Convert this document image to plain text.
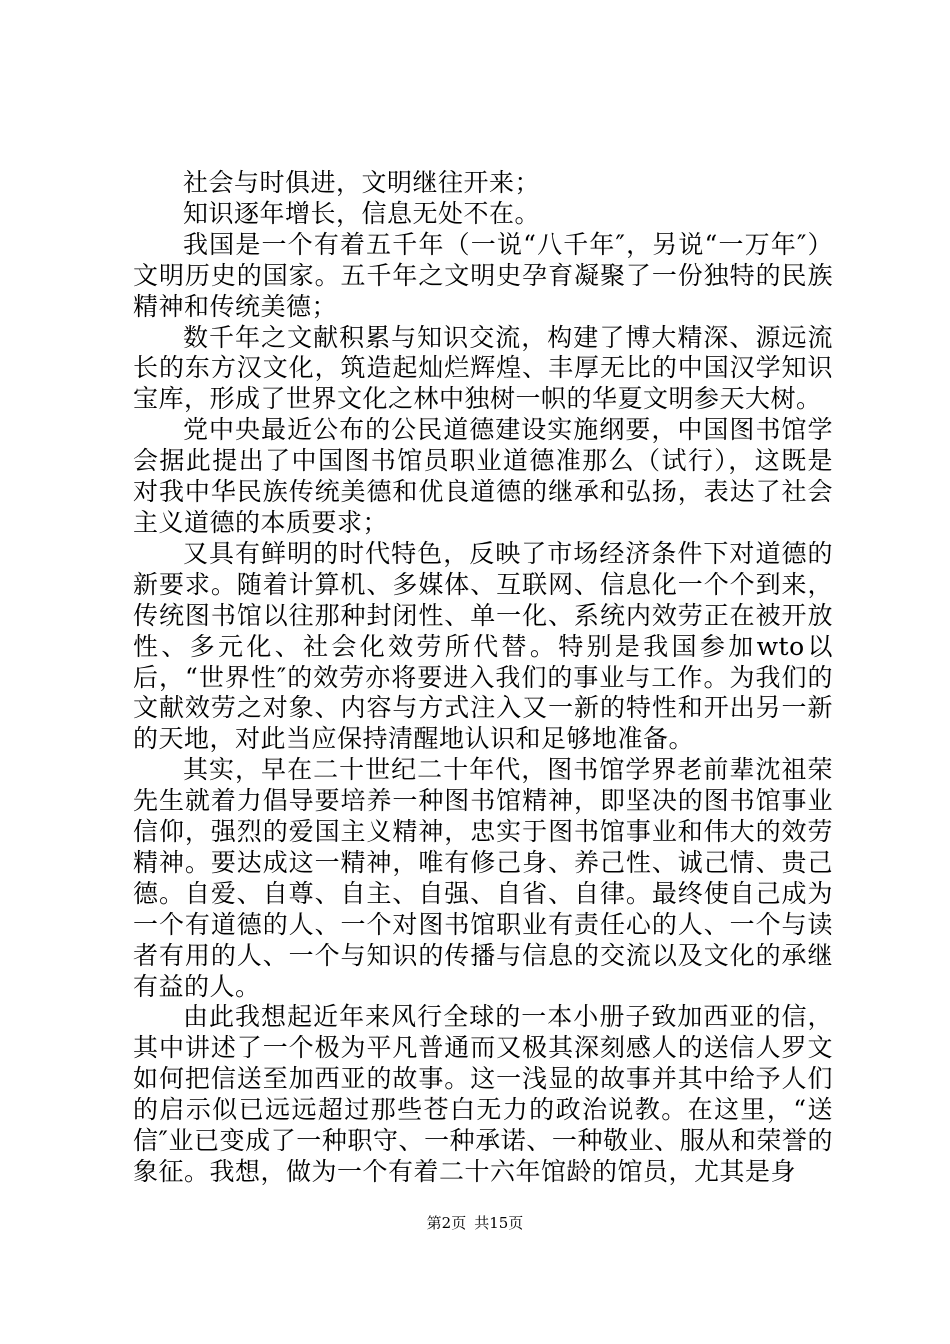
社会与时俱进，文明继往开来；

知识逐年增长，信息无处不在。

我国是一个有着五千年（一说“八千年″，另说“一万年″）文明历史的国家。五千年之文明史孕育凝聚了一份独特的民族精神和传统美德；

数千年之文献积累与知识交流，构建了博大精深、源远流长的东方汉文化，筑造起灿烂辉煌、丰厚无比的中国汉学知识宝库，形成了世界文化之林中独树一帜的华夏文明参天大树。

党中央最近公布的公民道德建设实施纲要，中国图书馆学会据此提出了中国图书馆员职业道德准那么（试行），这既是对我中华民族传统美德和优良道德的继承和弘扬，表达了社会主义道德的本质要求；

又具有鲜明的时代特色，反映了市场经济条件下对道德的新要求。随着计算机、多媒体、互联网、信息化一个个到来，传统图书馆以往那种封闭性、单一化、系统内效劳正在被开放性、多元化、社会化效劳所代替。特别是我国参加wto以后，“世界性″的效劳亦将要进入我们的事业与工作。为我们的文献效劳之对象、内容与方式注入又一新的特性和开出另一新的天地，对此当应保持清醒地认识和足够地准备。

其实，早在二十世纪二十年代，图书馆学界老前辈沈祖荣先生就着力倡导要培养一种图书馆精神，即坚决的图书馆事业信仰，强烈的爱国主义精神，忠实于图书馆事业和伟大的效劳精神。要达成这一精神，唯有修己身、养己性、诚己情、贵己德。自爱、自尊、自主、自强、自省、自律。最终使自己成为一个有道德的人、一个对图书馆职业有责任心的人、一个与读者有用的人、一个与知识的传播与信息的交流以及文化的承继有益的人。

由此我想起近年来风行全球的一本小册子致加西亚的信，其中讲述了一个极为平凡普通而又极其深刻感人的送信人罗文如何把信送至加西亚的故事。这一浅显的故事并其中给予人们的启示似已远远超过那些苍白无力的政治说教。在这里，“送信″业已变成了一种职守、一种承诺、一种敬业、服从和荣誉的象征。我想，做为一个有着二十六年馆龄的馆员，尤其是身

第2页 共15页
